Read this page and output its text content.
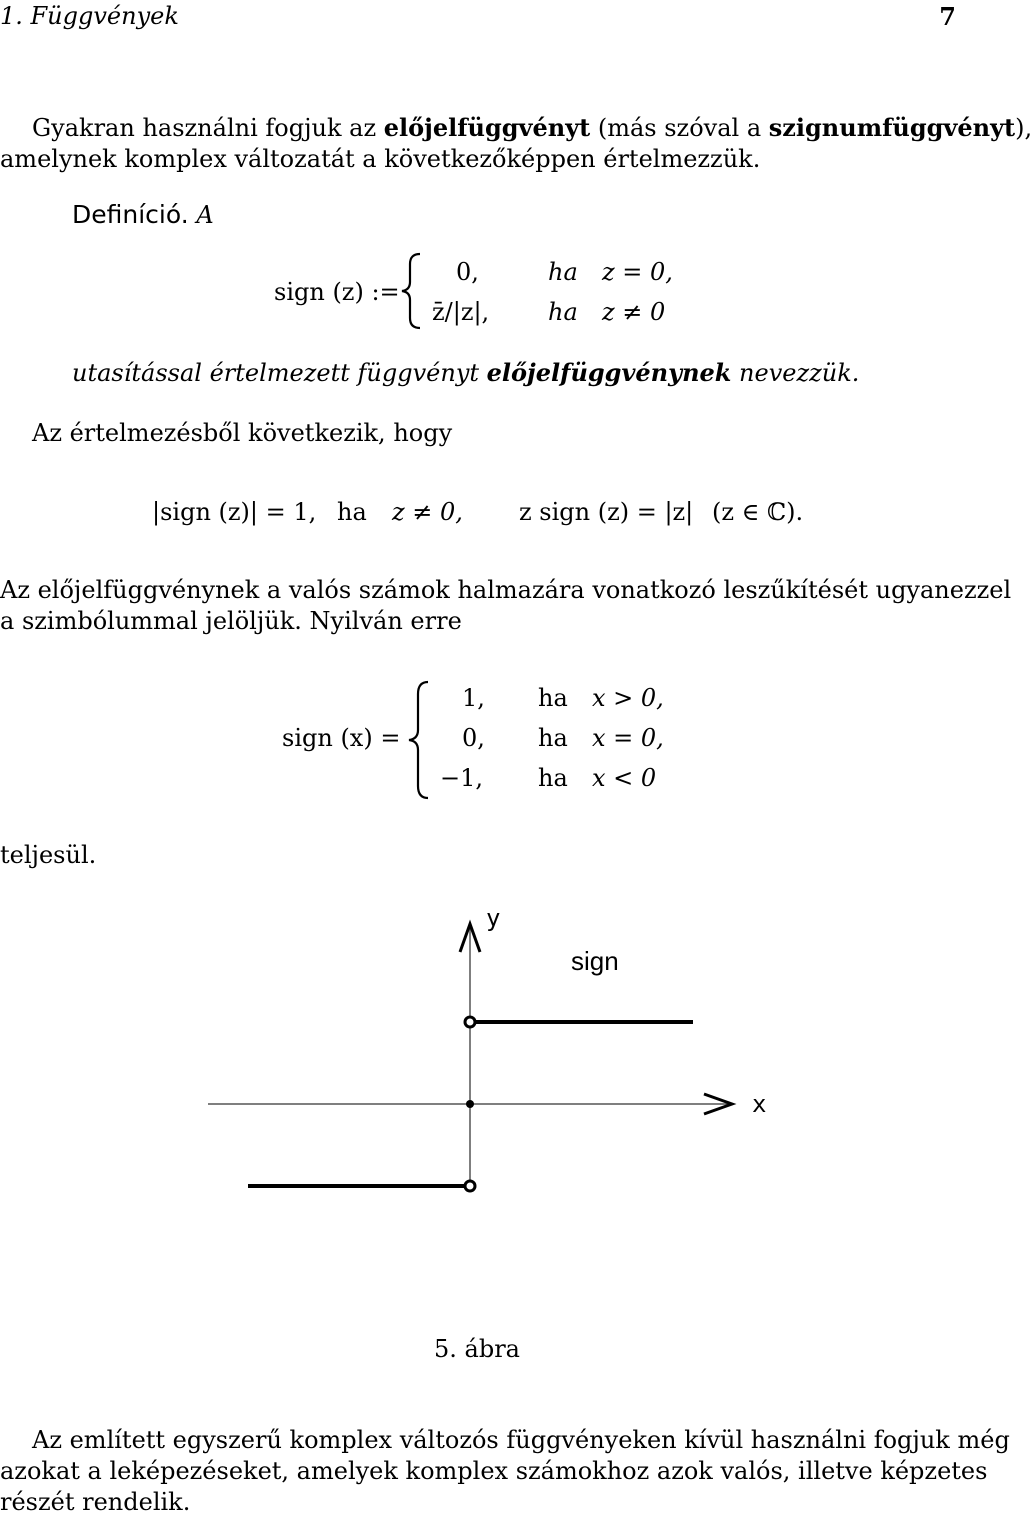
1. Függvények	7
Gyakran használni fogjuk az előjelfüggvényt (más szóval a szignumfüggvényt),
amelynek komplex változatát a következőképpen értelmezzük.
Definíció. A
sign (z) :=
0,	ha z = 0,
z̄/|z|, ha z ≠ 0
utasítással értelmezett függvényt előjelfüggvénynek nevezzük.
Az értelmezésből következik, hogy
|sign (z)| = 1, ha z ≠ 0, z sign (z) = |z| (z ∈ ℂ).
Az előjelfüggvénynek a valós számok halmazára vonatkozó leszűkítését ugyanezzel
a szimbólummal jelöljük. Nyilván erre
sign (x) =
1, ha x > 0,
0, ha x = 0,
−1, ha x < 0
teljesül.
y
x
sign
5. ábra
Az említett egyszerű komplex változós függvényeken kívül használni fogjuk még
azokat a leképezéseket, amelyek komplex számokhoz azok valós, illetve képzetes
részét rendelik.
